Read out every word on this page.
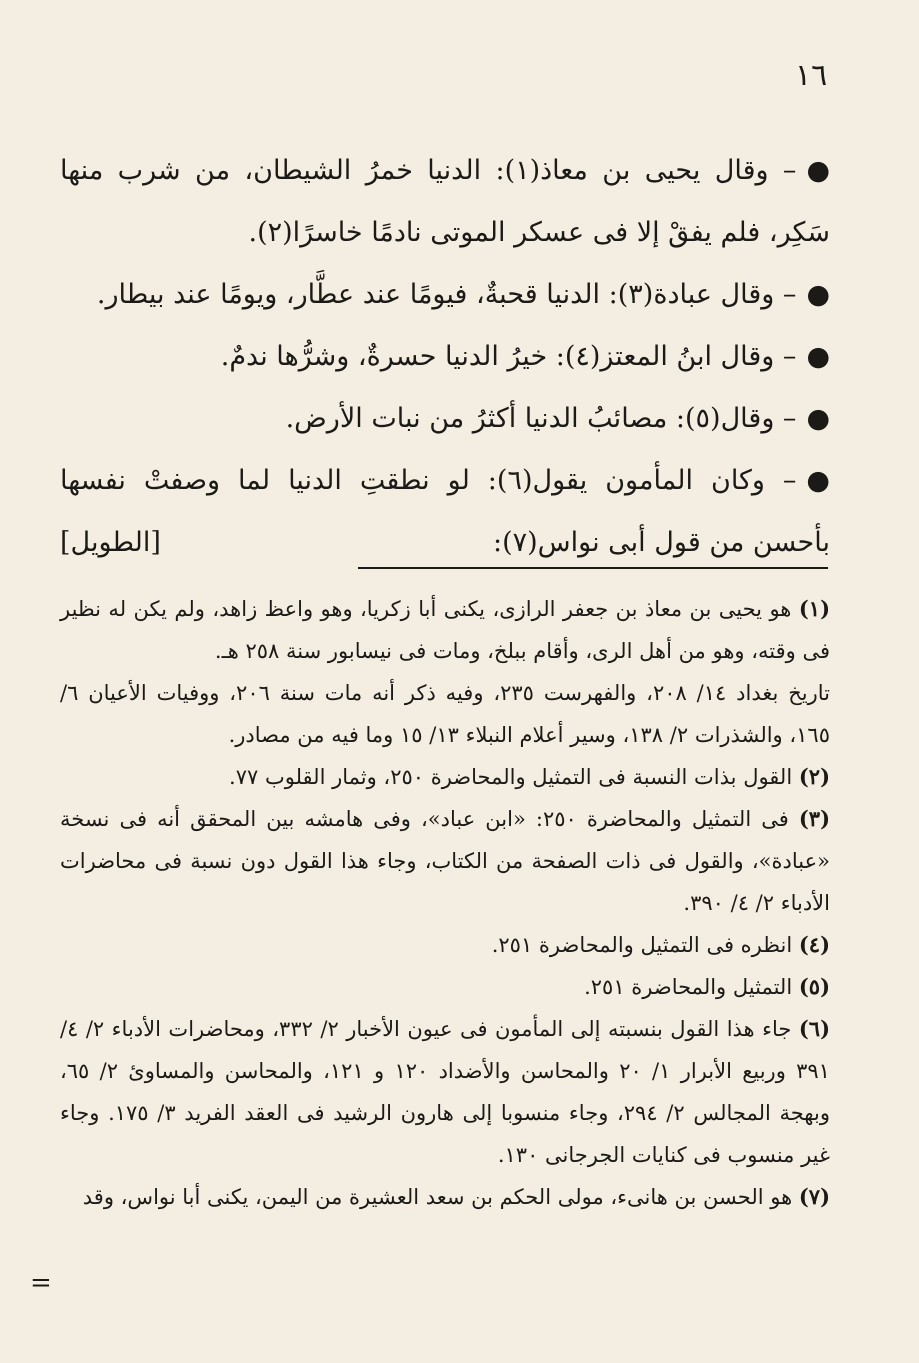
١٦

●– وقال يحيى بن معاذ(١): الدنيا خمرُ الشيطان، من شرب منها سَكِر، فلم يفقْ إلا فى عسكر الموتى نادمًا خاسرًا(٢).

●– وقال عبادة(٣): الدنيا قحبةٌ، فيومًا عند عطَّار، ويومًا عند بيطار.

●– وقال ابنُ المعتز(٤): خيرُ الدنيا حسرةٌ، وشرُّها ندمٌ.

●– وقال(٥): مصائبُ الدنيا أكثرُ من نبات الأرض.

●– وكان المأمون يقول(٦): لو نطقتِ الدنيا لما وصفتْ نفسها بأحسن من قول أبى نواس(٧):
[الطويل]

(١) هو يحيى بن معاذ بن جعفر الرازى، يكنى أبا زكريا، وهو واعظ زاهد، ولم يكن له نظير فى وقته، وهو من أهل الرى، وأقام ببلخ، ومات فى نيسابور سنة ٢٥٨ هـ.

تاريخ بغداد ١٤/ ٢٠٨، والفهرست ٢٣٥، وفيه ذكر أنه مات سنة ٢٠٦، ووفيات الأعيان ٦/ ١٦٥، والشذرات ٢/ ١٣٨، وسير أعلام النبلاء ١٣/ ١٥ وما فيه من مصادر.

(٢) القول بذات النسبة فى التمثيل والمحاضرة ٢٥٠، وثمار القلوب ٧٧.

(٣) فى التمثيل والمحاضرة ٢٥٠: «ابن عباد»، وفى هامشه بين المحقق أنه فى نسخة «عبادة»، والقول فى ذات الصفحة من الكتاب، وجاء هذا القول دون نسبة فى محاضرات الأدباء ٢/ ٤/ ٣٩٠.

(٤) انظره فى التمثيل والمحاضرة ٢٥١.

(٥) التمثيل والمحاضرة ٢٥١.

(٦) جاء هذا القول بنسبته إلى المأمون فى عيون الأخبار ٢/ ٣٣٢، ومحاضرات الأدباء ٢/ ٤/ ٣٩١ وربيع الأبرار ١/ ٢٠ والمحاسن والأضداد ١٢٠ و ١٢١، والمحاسن والمساوئ ٢/ ٦٥، وبهجة المجالس ٢/ ٢٩٤، وجاء منسوبا إلى هارون الرشيد فى العقد الفريد ٣/ ١٧٥. وجاء غير منسوب فى كنايات الجرجانى ١٣٠.

(٧) هو الحسن بن هانىء، مولى الحكم بن سعد العشيرة من اليمن، يكنى أبا نواس، وقد

=
